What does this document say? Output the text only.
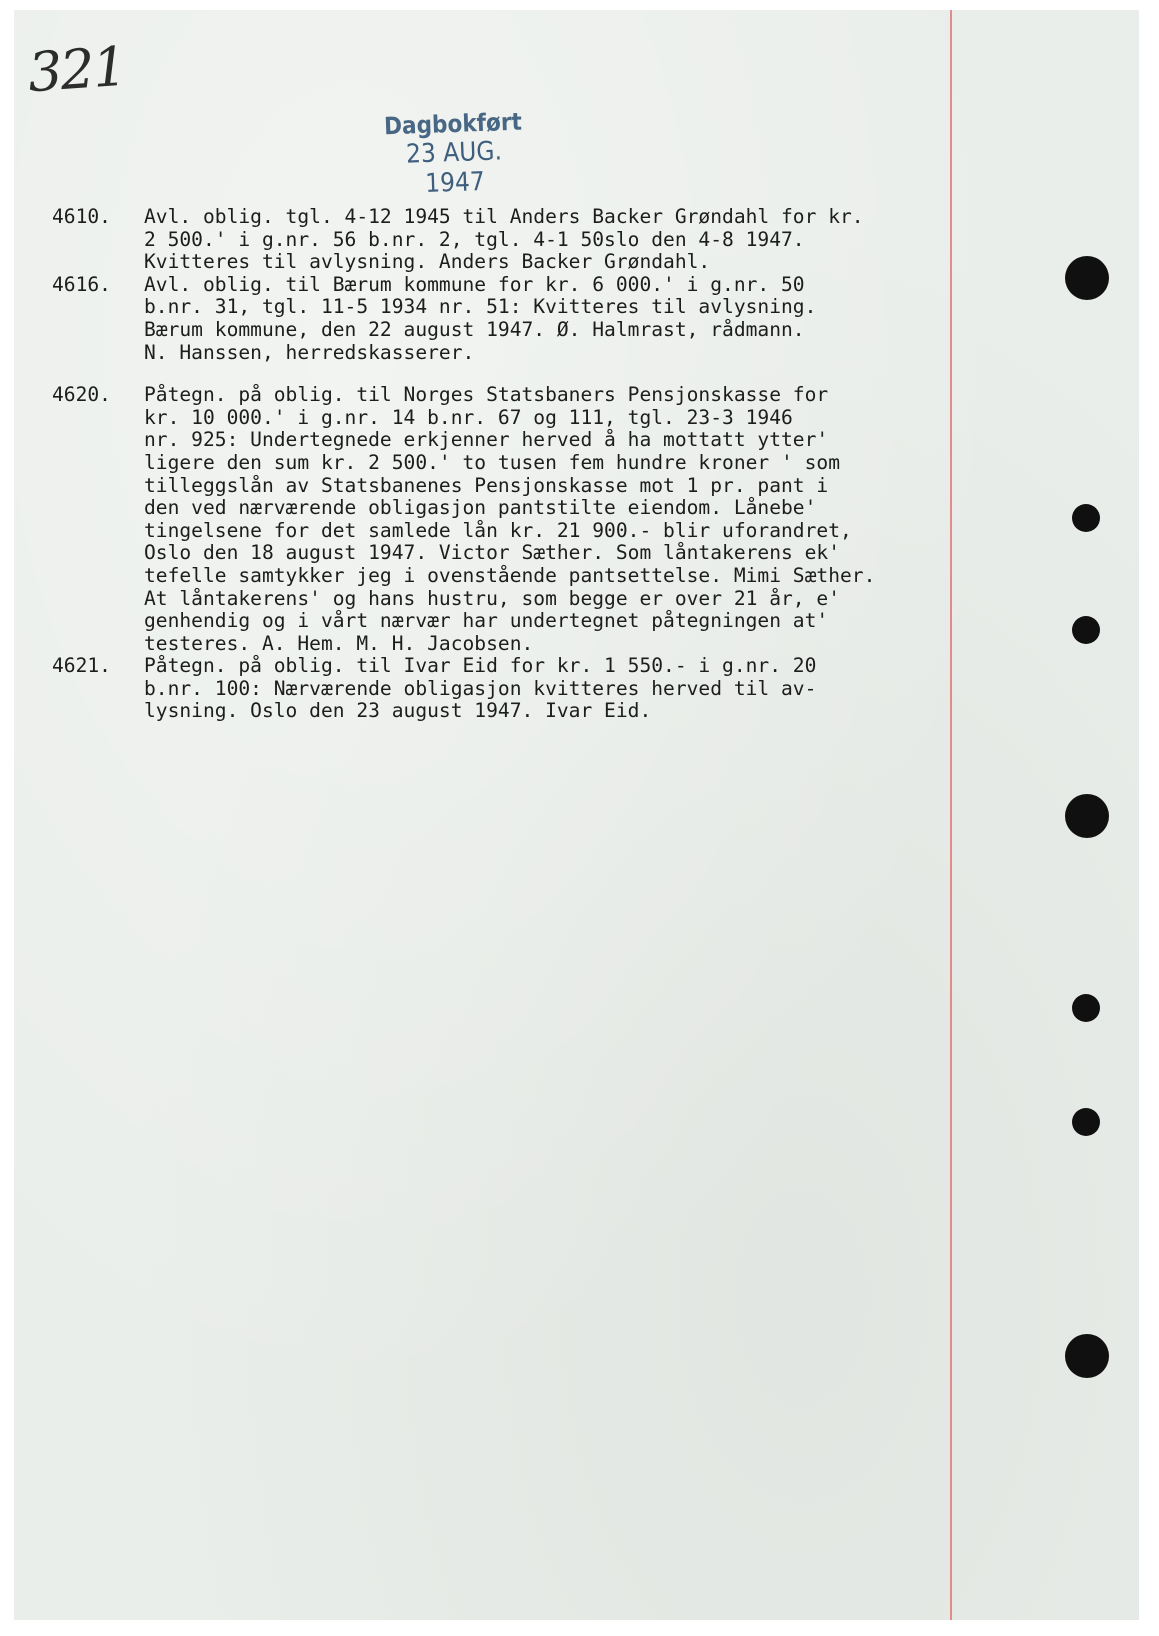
321
Dagbokført
23 AUG. 1947
4610.	Avl. oblig. tgl. 4-12 1945 til Anders Backer Grøndahl for kr.
2 500.' i g.nr. 56 b.nr. 2, tgl. 4-1 50slo den 4-8 1947.
Kvitteres til avlysning. Anders Backer Grøndahl.
4616.	Avl. oblig. til Bærum kommune for kr. 6 000.' i g.nr. 50
b.nr. 31, tgl. 11-5 1934 nr. 51: Kvitteres til avlysning.
Bærum kommune, den 22 august 1947. Ø. Halmrast, rådmann.
N. Hanssen, herredskasserer.
4620.	Påtegn. på oblig. til Norges Statsbaners Pensjonskasse for
kr. 10 000.' i g.nr. 14 b.nr. 67 og 111, tgl. 23-3 1946
nr. 925: Undertegnede erkjenner herved å ha mottatt ytter'
ligere den sum kr. 2 500.' to tusen fem hundre kroner ' som
tilleggslån av Statsbanenes Pensjonskasse mot 1 pr. pant i
den ved nærværende obligasjon pantstilte eiendom. Lånebe'
tingelsene for det samlede lån kr. 21 900.- blir uforandret,
Oslo den 18 august 1947. Victor Sæther. Som låntakerens ek'
tefelle samtykker jeg i ovenstående pantsettelse. Mimi Sæther.
At låntakerens' og hans hustru, som begge er over 21 år, e'
genhendig og i vårt nærvær har undertegnet påtegningen at'
testeres. A. Hem. M. H. Jacobsen.
4621.	Påtegn. på oblig. til Ivar Eid for kr. 1 550.- i g.nr. 20
b.nr. 100: Nærværende obligasjon kvitteres herved til av-
lysning. Oslo den 23 august 1947. Ivar Eid.
